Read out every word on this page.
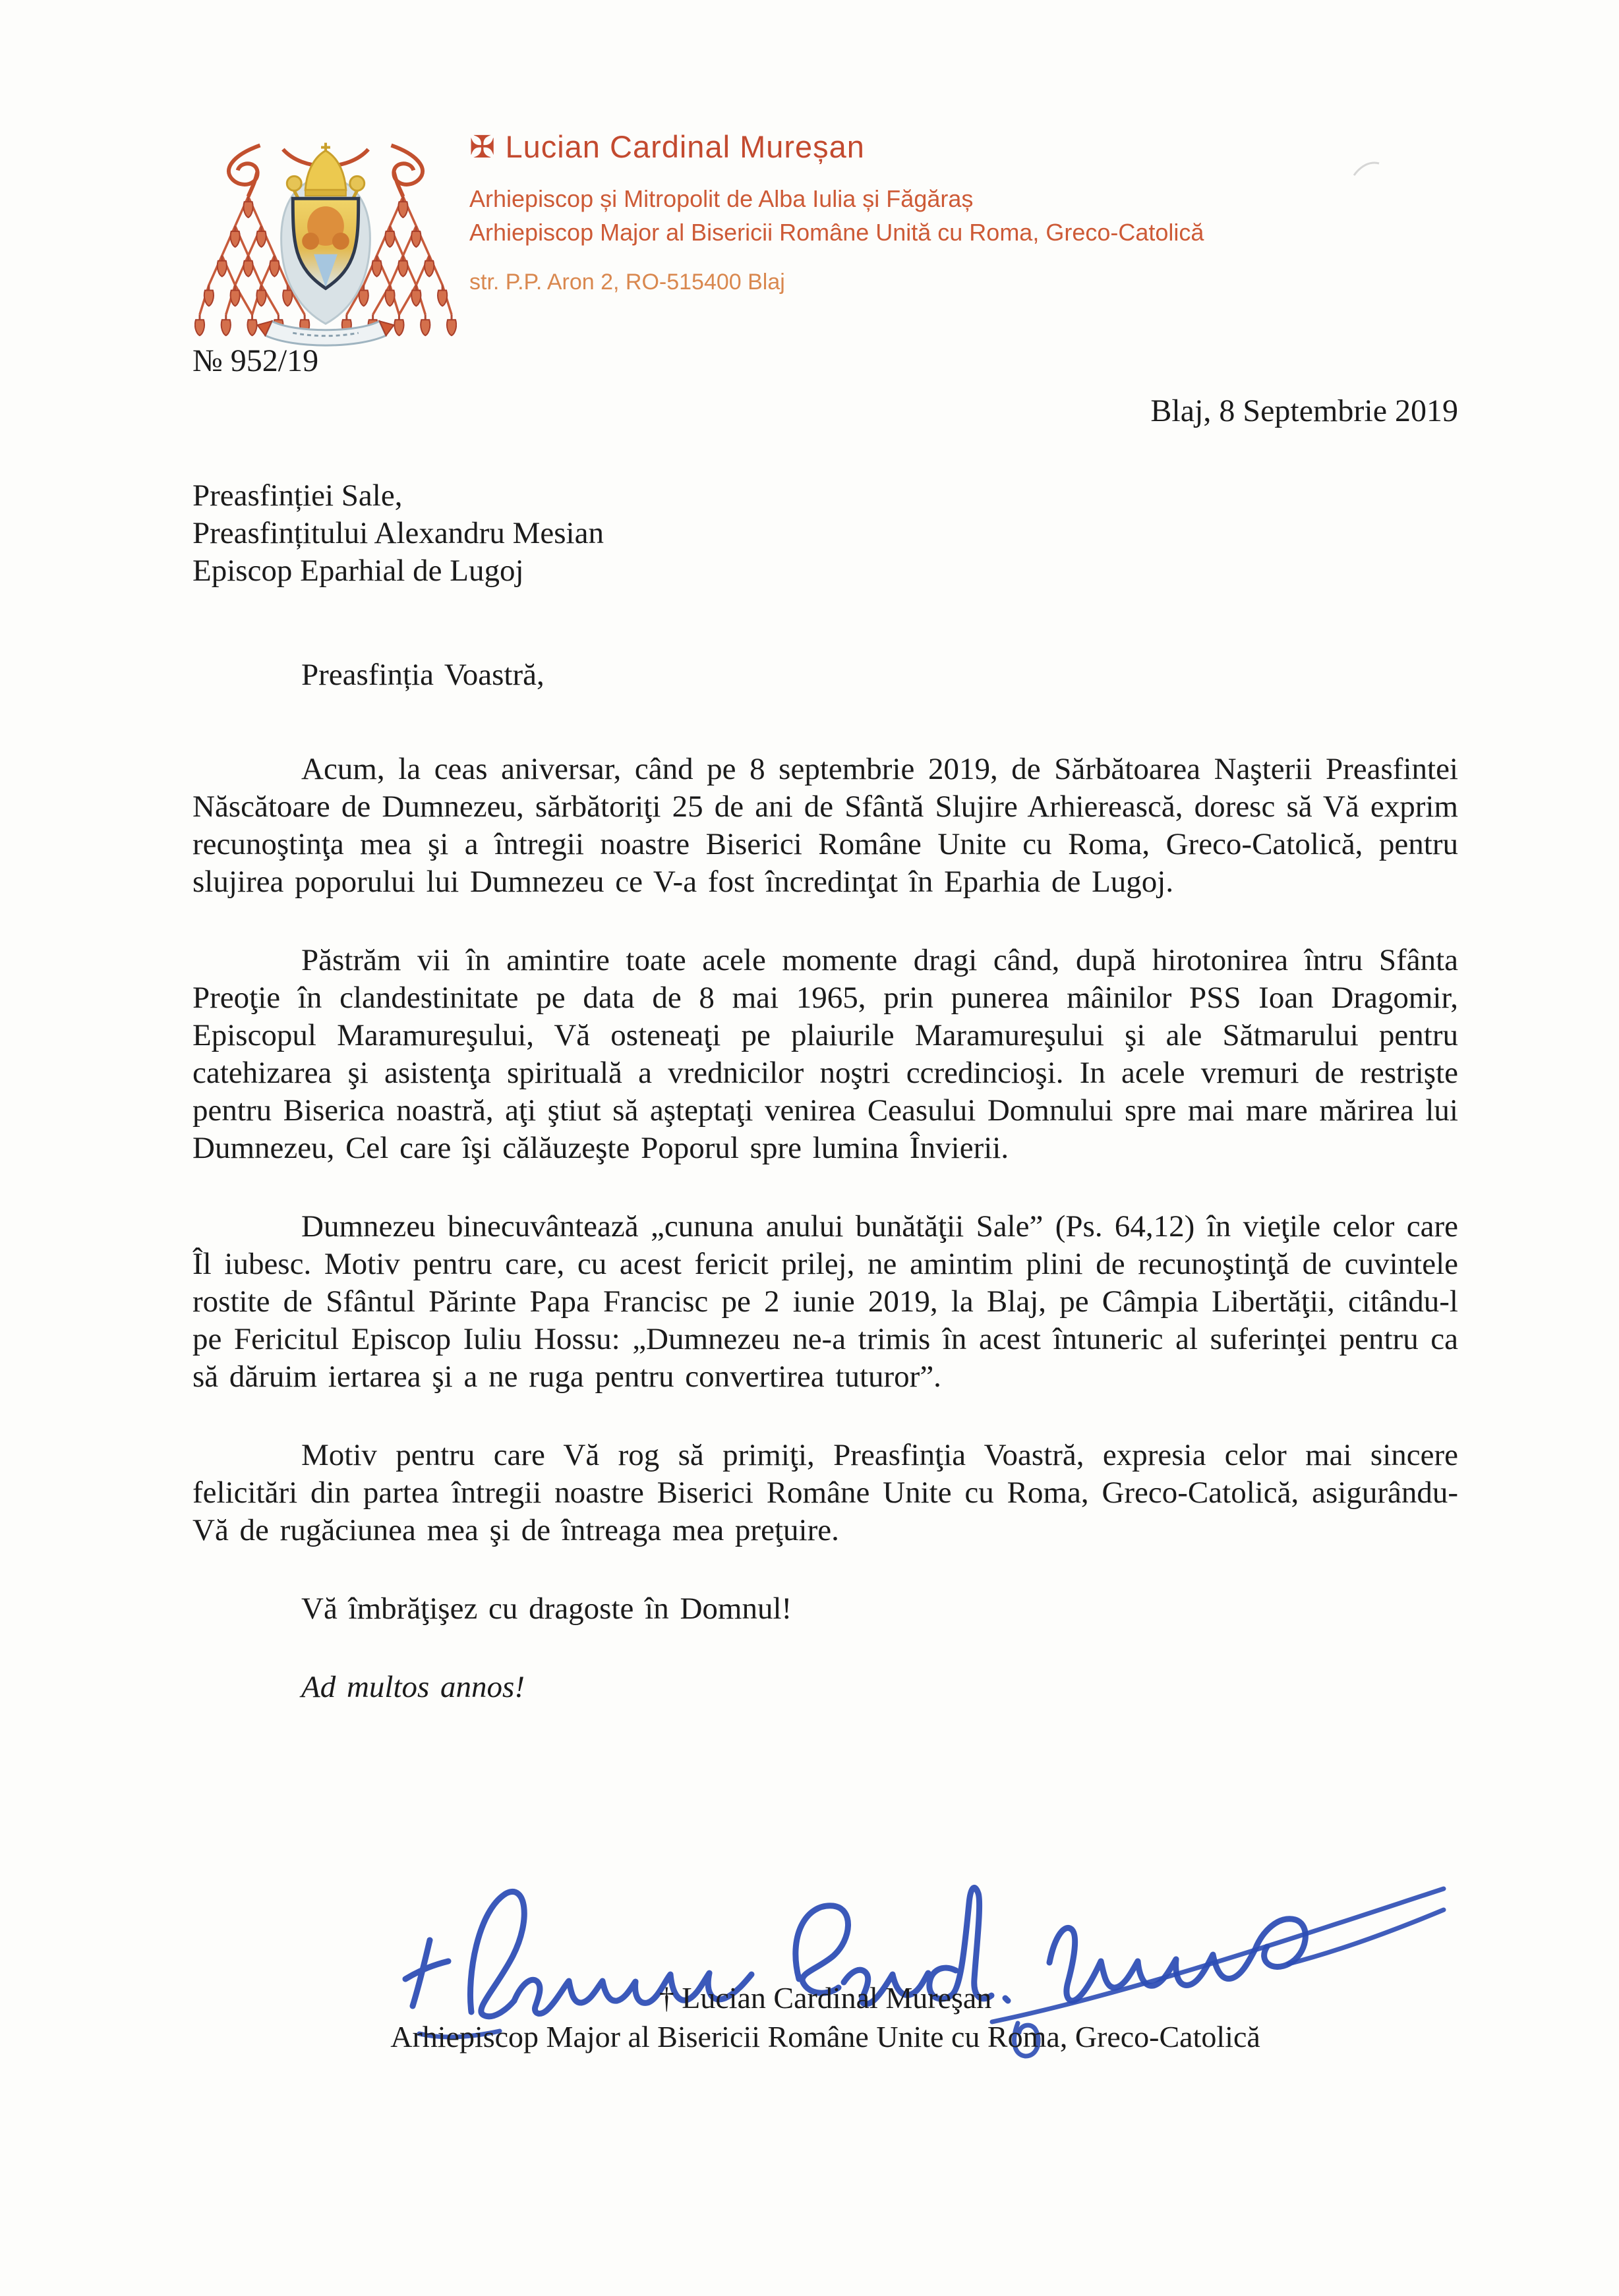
✠ Lucian Cardinal Mureșan
Arhiepiscop și Mitropolit de Alba Iulia și Făgăraș
Arhiepiscop Major al Bisericii Române Unită cu Roma, Greco-Catolică
str. P.P. Aron 2, RO-515400 Blaj
№ 952/19
Blaj, 8 Septembrie 2019
Preasfinției Sale,
Preasfințitului Alexandru Mesian
Episcop Eparhial de Lugoj

Preasfinția Voastră,

Acum, la ceas aniversar, când pe 8 septembrie 2019, de Sărbătoarea Naşterii Preasfintei Născătoare de Dumnezeu, sărbătoriţi 25 de ani de Sfântă Slujire Arhierească, doresc să Vă exprim recunoştinţa mea şi a întregii noastre Biserici Române Unite cu Roma, Greco-Catolică, pentru slujirea poporului lui Dumnezeu ce V-a fost încredinţat în Eparhia de Lugoj.

Păstrăm vii în amintire toate acele momente dragi când, după hirotonirea întru Sfânta Preoţie în clandestinitate pe data de 8 mai 1965, prin punerea mâinilor PSS Ioan Dragomir, Episcopul Maramureşului, Vă osteneaţi pe plaiurile Maramureşului şi ale Sătmarului pentru catehizarea şi asistenţa spirituală a vrednicilor noştri ccredincioşi. In acele vremuri de restrişte pentru Biserica noastră, aţi ştiut să aşteptaţi venirea Ceasului Domnului spre mai mare mărirea lui Dumnezeu, Cel care îşi călăuzeşte Poporul spre lumina Învierii.

Dumnezeu binecuvântează „cununa anului bunătăţii Sale” (Ps. 64,12) în vieţile celor care Îl iubesc. Motiv pentru care, cu acest fericit prilej, ne amintim plini de recunoştinţă de cuvintele rostite de Sfântul Părinte Papa Francisc pe 2 iunie 2019, la Blaj, pe Câmpia Libertăţii, citându-l pe Fericitul Episcop Iuliu Hossu: „Dumnezeu ne-a trimis în acest întuneric al suferinţei pentru ca să dăruim iertarea şi a ne ruga pentru convertirea tuturor”.

Motiv pentru care Vă rog să primiţi, Preasfinţia Voastră, expresia celor mai sincere felicitări din partea întregii noastre Biserici Române Unite cu Roma, Greco-Catolică, asigurându-Vă de rugăciunea mea şi de întreaga mea preţuire.

Vă îmbrăţişez cu dragoste în Domnul!

Ad multos annos!

† Lucian Cardinal Mureşan
Arhiepiscop Major al Bisericii Române Unite cu Roma, Greco-Catolică
